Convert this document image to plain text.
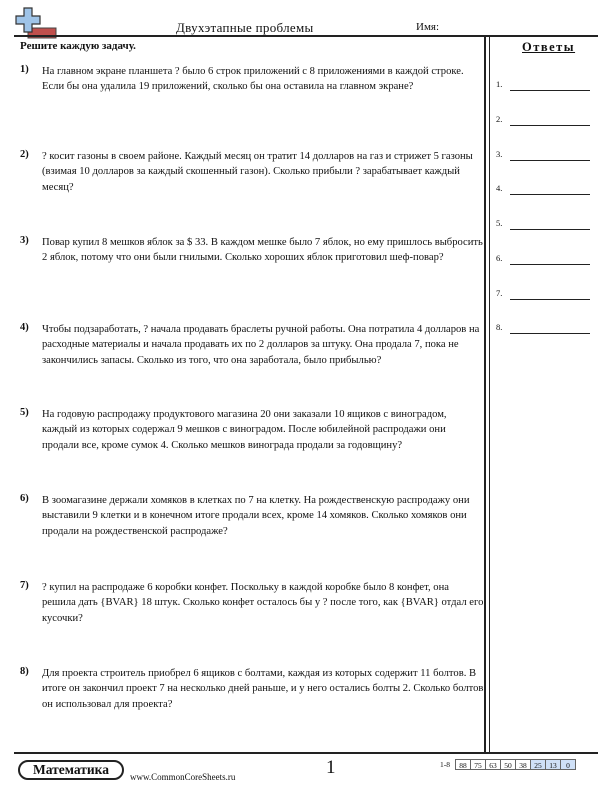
Двухэтапные проблемы	Имя:
Решите каждую задачу.
1) На главном экране планшета ? было 6 строк приложений с 8 приложениями в каждой строке. Если бы она удалила 19 приложений, сколько бы она оставила на главном экране?
2) ? косит газоны в своем районе. Каждый месяц он тратит 14 долларов на газ и стрижет 5 газоны (взимая 10 долларов за каждый скошенный газон). Сколько прибыли ? зарабатывает каждый месяц?
3) Повар купил 8 мешков яблок за $ 33. В каждом мешке было 7 яблок, но ему пришлось выбросить 2 яблок, потому что они были гнилыми. Сколько хороших яблок приготовил шеф-повар?
4) Чтобы подзаработать, ? начала продавать браслеты ручной работы. Она потратила 4 долларов на расходные материалы и начала продавать их по 2 долларов за штуку. Она продала 7, пока не закончились запасы. Сколько из того, что она заработала, было прибылью?
5) На годовую распродажу продуктового магазина 20 они заказали 10 ящиков с виноградом, каждый из которых содержал 9 мешков с виноградом. После юбилейной распродажи они продали все, кроме сумок 4. Сколько мешков винограда продали за годовщину?
6) В зоомагазине держали хомяков в клетках по 7 на клетку. На рождественскую распродажу они выставили 9 клетки и в конечном итоге продали всех, кроме 14 хомяков. Сколько хомяков они продали на рождественской распродаже?
7) ? купил на распродаже 6 коробки конфет. Поскольку в каждой коробке было 8 конфет, она решила дать {BVAR} 18 штук. Сколько конфет осталось бы у ? после того, как {BVAR} отдал его кусочки?
8) Для проекта строитель приобрел 6 ящиков с болтами, каждая из которых содержит 11 болтов. В итоге он закончил проект 7 на несколько дней раньше, и у него остались болты 2. Сколько болтов он использовал для проекта?
Ответы
1.
2.
3.
4.
5.
6.
7.
8.
Математика	www.CommonCoreSheets.ru	1	1-8	88	75	63	50	38	25	13	0
